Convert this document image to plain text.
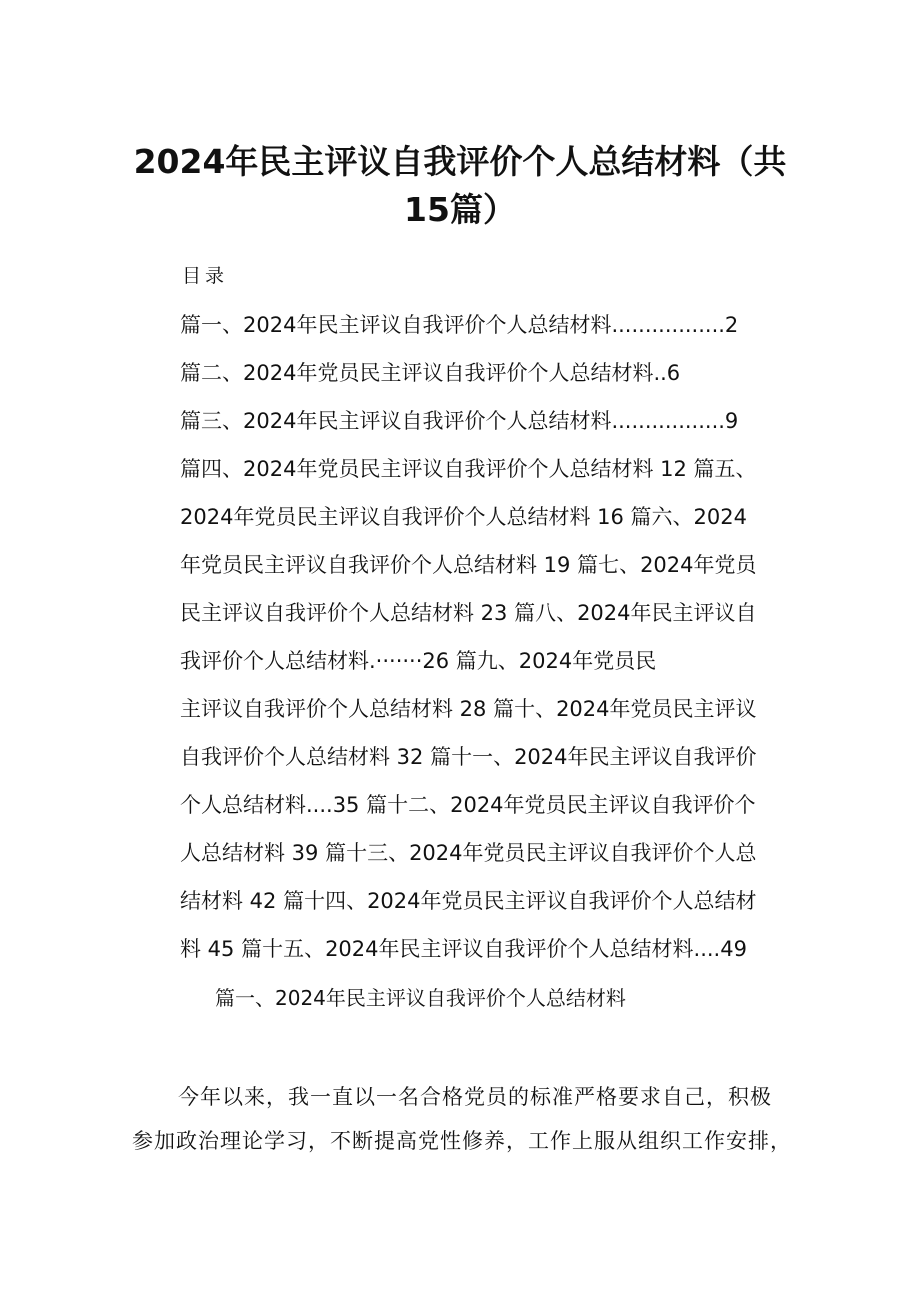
2024年民主评议自我评价个人总结材料（共
15篇）
目录
篇一、2024年民主评议自我评价个人总结材料.................2
篇二、2024年党员民主评议自我评价个人总结材料..6
篇三、2024年民主评议自我评价个人总结材料.................9
篇四、2024年党员民主评议自我评价个人总结材料 12 篇五、
2024年党员民主评议自我评价个人总结材料 16 篇六、2024
年党员民主评议自我评价个人总结材料 19 篇七、2024年党员
民主评议自我评价个人总结材料 23 篇八、2024年民主评议自
我评价个人总结材料.·······26 篇九、2024年党员民
主评议自我评价个人总结材料 28 篇十、2024年党员民主评议
自我评价个人总结材料 32 篇十一、2024年民主评议自我评价
个人总结材料....35 篇十二、2024年党员民主评议自我评价个
人总结材料 39 篇十三、2024年党员民主评议自我评价个人总
结材料 42 篇十四、2024年党员民主评议自我评价个人总结材
料 45 篇十五、2024年民主评议自我评价个人总结材料....49
篇一、2024年民主评议自我评价个人总结材料
今年以来，我一直以一名合格党员的标准严格要求自己，积极
参加政治理论学习，不断提高党性修养，工作上服从组织工作安排，
